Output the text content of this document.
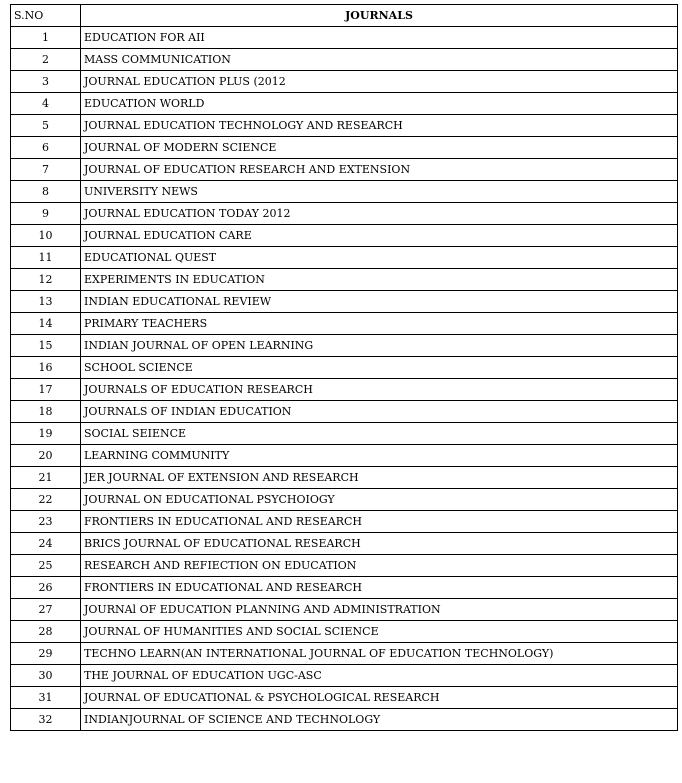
S.NO	JOURNALS
1	EDUCATION FOR AII
2	MASS COMMUNICATION
3	JOURNAL EDUCATION PLUS (2012
4	EDUCATION WORLD
5	JOURNAL EDUCATION TECHNOLOGY AND RESEARCH
6	JOURNAL OF MODERN SCIENCE
7	JOURNAL OF EDUCATION RESEARCH AND EXTENSION
8	UNIVERSITY NEWS
9	JOURNAL EDUCATION TODAY 2012
10	JOURNAL EDUCATION CARE
11	EDUCATIONAL QUEST
12	EXPERIMENTS IN EDUCATION
13	INDIAN EDUCATIONAL REVIEW
14	PRIMARY TEACHERS
15	INDIAN JOURNAL OF OPEN LEARNING
16	SCHOOL SCIENCE
17	JOURNALS OF EDUCATION RESEARCH
18	JOURNALS OF INDIAN EDUCATION
19	SOCIAL SEIENCE
20	LEARNING COMMUNITY
21	JER JOURNAL OF EXTENSION AND RESEARCH
22	JOURNAL ON EDUCATIONAL PSYCHOIOGY
23	FRONTIERS IN EDUCATIONAL AND RESEARCH
24	BRICS JOURNAL OF EDUCATIONAL RESEARCH
25	RESEARCH AND REFIECTION ON EDUCATION
26	FRONTIERS IN EDUCATIONAL AND RESEARCH
27	JOURNAl OF EDUCATION PLANNING AND ADMINISTRATION
28	JOURNAL OF HUMANITIES AND SOCIAL SCIENCE
29	TECHNO LEARN(AN INTERNATIONAL JOURNAL OF EDUCATION TECHNOLOGY)
30	THE JOURNAL OF EDUCATION UGC-ASC
31	JOURNAL OF EDUCATIONAL & PSYCHOLOGICAL RESEARCH
32	INDIANJOURNAL OF SCIENCE AND TECHNOLOGY
